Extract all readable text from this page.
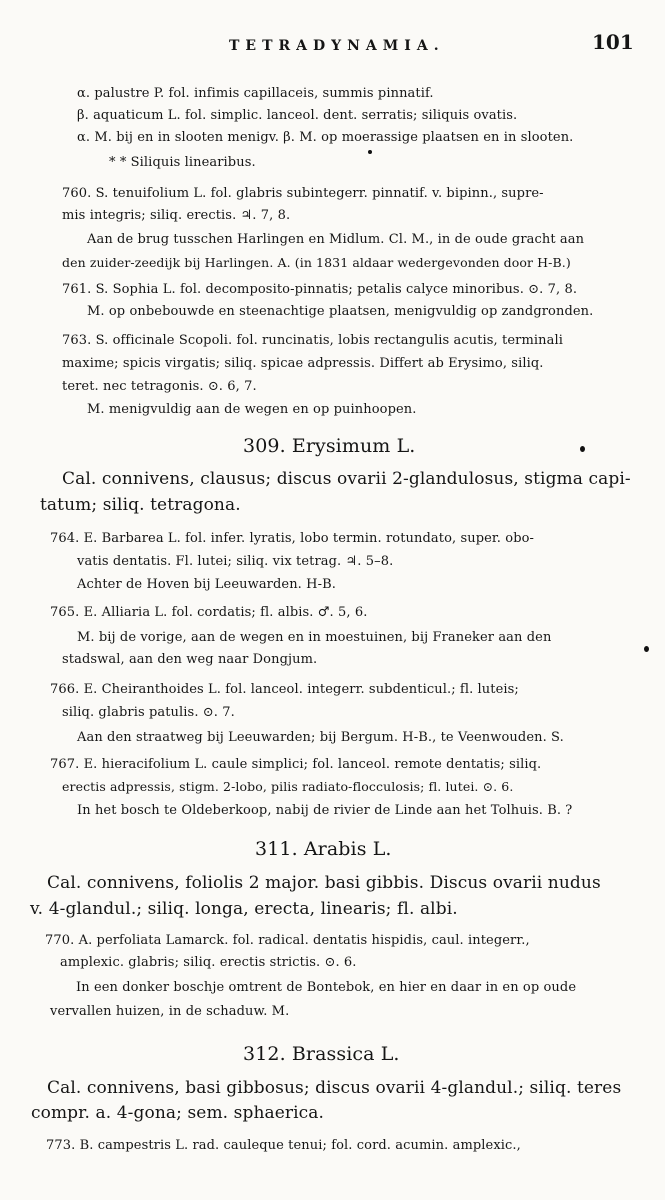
TETRADYNAMIA.	101
α. palustre P. fol. infimis capillaceis, summis pinnatif.
β. aquaticum L. fol. simplic. lanceol. dent. serratis; siliquis ovatis.
α. M. bij en in slooten menigv. β. M. op moerassige plaatsen en in slooten.
* * Siliquis linearibus.
760. S. tenuifolium L. fol. glabris subintegerr. pinnatif. v. bipinn., supre-
mis integris; siliq. erectis. ♃. 7, 8.
Aan de brug tusschen Harlingen en Midlum. Cl. M., in de oude gracht aan
den zuider-zeedijk bij Harlingen. A. (in 1831 aldaar wedergevonden door H-B.)
761. S. Sophia L. fol. decomposito-pinnatis; petalis calyce minoribus. ⊙. 7, 8.
M. op onbebouwde en steenachtige plaatsen, menigvuldig op zandgronden.
763. S. officinale Scopoli. fol. runcinatis, lobis rectangulis acutis, terminali
maxime; spicis virgatis; siliq. spicae adpressis. Differt ab Erysimo, siliq.
teret. nec tetragonis. ⊙. 6, 7.
M. menigvuldig aan de wegen en op puinhoopen.
309. Erysimum L.
Cal. connivens, clausus; discus ovarii 2-glandulosus, stigma capi-
tatum; siliq. tetragona.
764. E. Barbarea L. fol. infer. lyratis, lobo termin. rotundato, super. obo-
vatis dentatis. Fl. lutei; siliq. vix tetrag. ♃. 5–8.
Achter de Hoven bij Leeuwarden. H-B.
765. E. Alliaria L. fol. cordatis; fl. albis. ♂. 5, 6.
M. bij de vorige, aan de wegen en in moestuinen, bij Franeker aan den
stadswal, aan den weg naar Dongjum.
766. E. Cheiranthoides L. fol. lanceol. integerr. subdenticul.; fl. luteis;
siliq. glabris patulis. ⊙. 7.
Aan den straatweg bij Leeuwarden; bij Bergum. H-B., te Veenwouden. S.
767. E. hieracifolium L. caule simplici; fol. lanceol. remote dentatis; siliq.
erectis adpressis, stigm. 2-lobo, pilis radiato-flocculosis; fl. lutei. ⊙. 6.
In het bosch te Oldeberkoop, nabij de rivier de Linde aan het Tolhuis. B. ?
311. Arabis L.
Cal. connivens, foliolis 2 major. basi gibbis. Discus ovarii nudus
v. 4-glandul.; siliq. longa, erecta, linearis; fl. albi.
770. A. perfoliata Lamarck. fol. radical. dentatis hispidis, caul. integerr.,
amplexic. glabris; siliq. erectis strictis. ⊙. 6.
In een donker boschje omtrent de Bontebok, en hier en daar in en op oude
vervallen huizen, in de schaduw. M.
312. Brassica L.
Cal. connivens, basi gibbosus; discus ovarii 4-glandul.; siliq. teres
compr. a. 4-gona; sem. sphaerica.
773. B. campestris L. rad. cauleque tenui; fol. cord. acumin. amplexic.,
